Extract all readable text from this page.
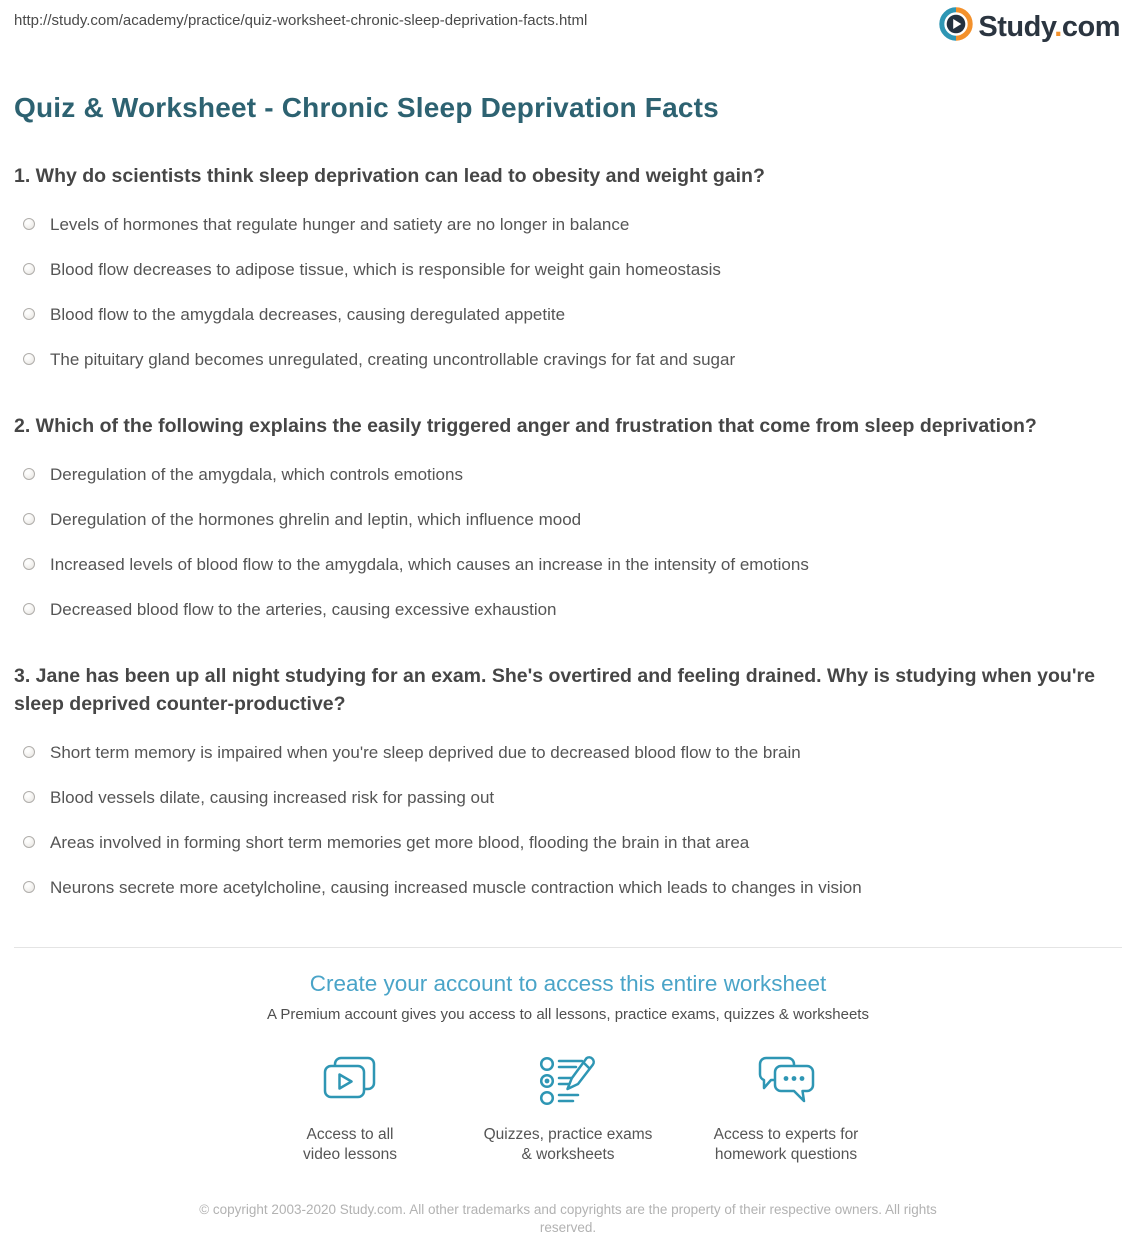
http://study.com/academy/practice/quiz-worksheet-chronic-sleep-deprivation-facts.html	Study.com
Quiz & Worksheet - Chronic Sleep Deprivation Facts
1. Why do scientists think sleep deprivation can lead to obesity and weight gain?
Levels of hormones that regulate hunger and satiety are no longer in balance
Blood flow decreases to adipose tissue, which is responsible for weight gain homeostasis
Blood flow to the amygdala decreases, causing deregulated appetite
The pituitary gland becomes unregulated, creating uncontrollable cravings for fat and sugar
2. Which of the following explains the easily triggered anger and frustration that come from sleep deprivation?
Deregulation of the amygdala, which controls emotions
Deregulation of the hormones ghrelin and leptin, which influence mood
Increased levels of blood flow to the amygdala, which causes an increase in the intensity of emotions
Decreased blood flow to the arteries, causing excessive exhaustion
3. Jane has been up all night studying for an exam. She's overtired and feeling drained. Why is studying when you're sleep deprived counter-productive?
Short term memory is impaired when you're sleep deprived due to decreased blood flow to the brain
Blood vessels dilate, causing increased risk for passing out
Areas involved in forming short term memories get more blood, flooding the brain in that area
Neurons secrete more acetylcholine, causing increased muscle contraction which leads to changes in vision
Create your account to access this entire worksheet
A Premium account gives you access to all lessons, practice exams, quizzes & worksheets
Access to all
video lessons
Quizzes, practice exams
& worksheets
Access to experts for
homework questions
© copyright 2003-2020 Study.com. All other trademarks and copyrights are the property of their respective owners. All rights reserved.
